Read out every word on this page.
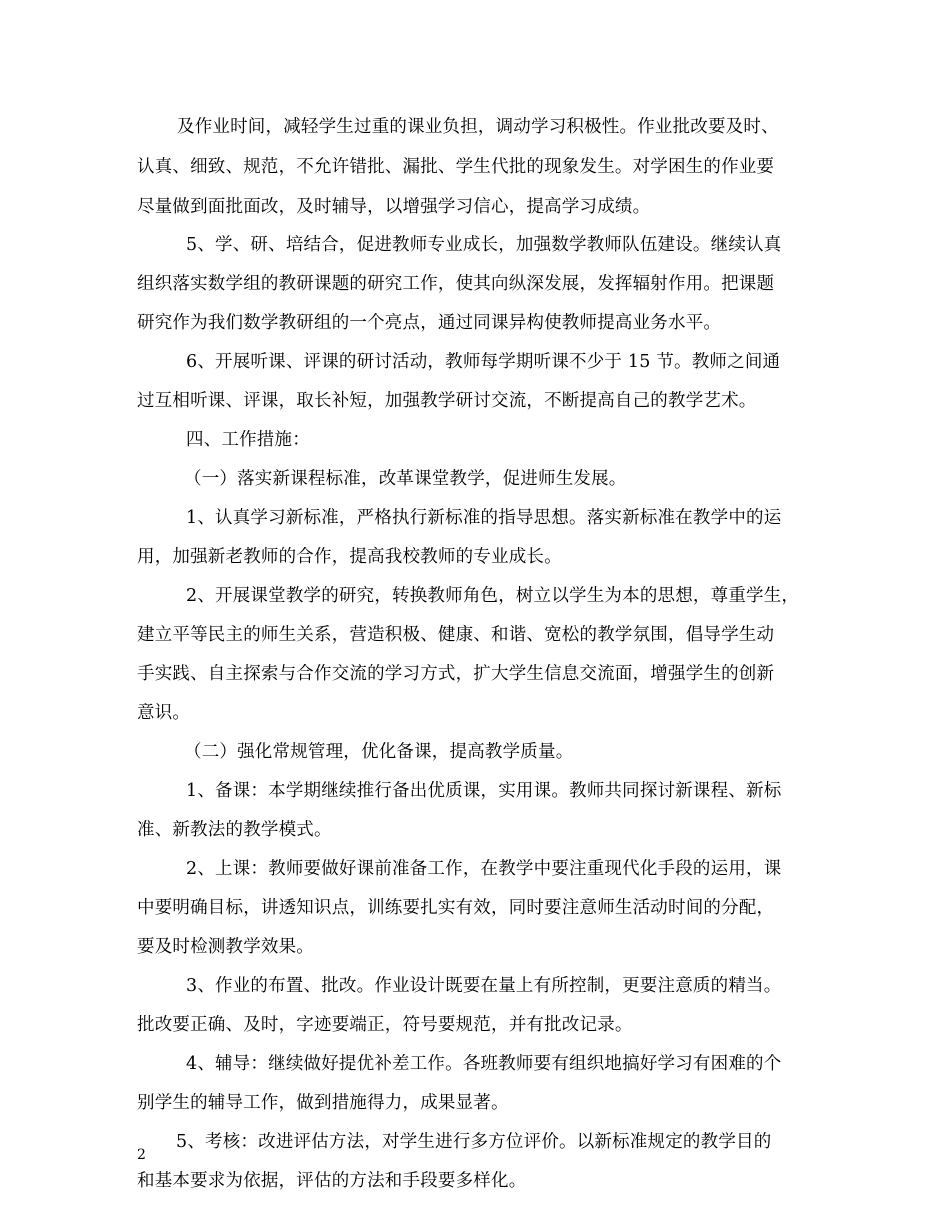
及作业时间，减轻学生过重的课业负担，调动学习积极性。作业批改要及时、
认真、细致、规范，不允许错批、漏批、学生代批的现象发生。对学困生的作业要
尽量做到面批面改，及时辅导，以增强学习信心，提高学习成绩。
5、学、研、培结合，促进教师专业成长，加强数学教师队伍建设。继续认真
组织落实数学组的教研课题的研究工作，使其向纵深发展，发挥辐射作用。把课题
研究作为我们数学教研组的一个亮点，通过同课异构使教师提高业务水平。
6、开展听课、评课的研讨活动，教师每学期听课不少于 15 节。教师之间通
过互相听课、评课，取长补短，加强教学研讨交流，不断提高自己的教学艺术。
四、工作措施：
（一）落实新课程标准，改革课堂教学，促进师生发展。
1、认真学习新标准，严格执行新标准的指导思想。落实新标准在教学中的运
用，加强新老教师的合作，提高我校教师的专业成长。
2、开展课堂教学的研究，转换教师角色，树立以学生为本的思想，尊重学生，
建立平等民主的师生关系，营造积极、健康、和谐、宽松的教学氛围，倡导学生动
手实践、自主探索与合作交流的学习方式，扩大学生信息交流面，增强学生的创新
意识。
（二）强化常规管理，优化备课，提高教学质量。
1、备课：本学期继续推行备出优质课，实用课。教师共同探讨新课程、新标
准、新教法的教学模式。
2、上课：教师要做好课前准备工作，在教学中要注重现代化手段的运用，课
中要明确目标，讲透知识点，训练要扎实有效，同时要注意师生活动时间的分配，
要及时检测教学效果。
3、作业的布置、批改。作业设计既要在量上有所控制，更要注意质的精当。
批改要正确、及时，字迹要端正，符号要规范，并有批改记录。
4、辅导：继续做好提优补差工作。各班教师要有组织地搞好学习有困难的个
别学生的辅导工作，做到措施得力，成果显著。
5、考核：改进评估方法，对学生进行多方位评价。以新标准规定的教学目的
和基本要求为依据，评估的方法和手段要多样化。
2
